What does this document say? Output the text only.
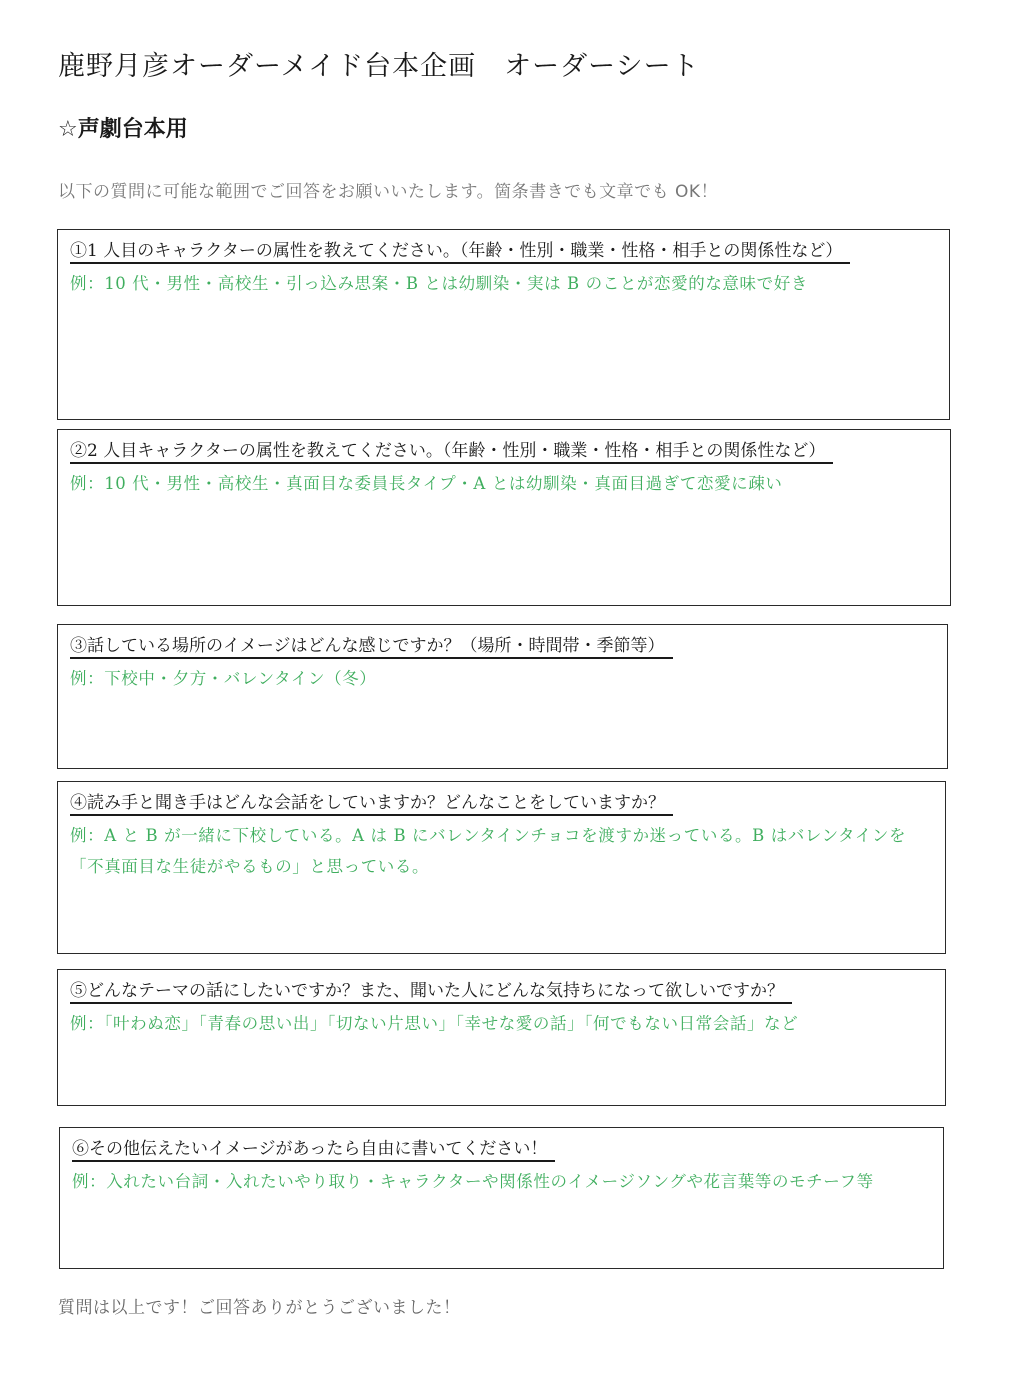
鹿野月彦オーダーメイド台本企画　オーダーシート
☆声劇台本用
以下の質問に可能な範囲でご回答をお願いいたします。箇条書きでも文章でも OK！
①1 人目のキャラクターの属性を教えてください。（年齢・性別・職業・性格・相手との関係性など）
例：10 代・男性・高校生・引っ込み思案・B とは幼馴染・実は B のことが恋愛的な意味で好き
②2 人目キャラクターの属性を教えてください。（年齢・性別・職業・性格・相手との関係性など）
例：10 代・男性・高校生・真面目な委員長タイプ・A とは幼馴染・真面目過ぎて恋愛に疎い
③話している場所のイメージはどんな感じですか？（場所・時間帯・季節等）
例：下校中・夕方・バレンタイン（冬）
④読み手と聞き手はどんな会話をしていますか？どんなことをしていますか？
例：A と B が一緒に下校している。A は B にバレンタインチョコを渡すか迷っている。B はバレンタインを「不真面目な生徒がやるもの」と思っている。
⑤どんなテーマの話にしたいですか？また、聞いた人にどんな気持ちになって欲しいですか？
例：「叶わぬ恋」「青春の思い出」「切ない片思い」「幸せな愛の話」「何でもない日常会話」など
⑥その他伝えたいイメージがあったら自由に書いてください！
例：入れたい台詞・入れたいやり取り・キャラクターや関係性のイメージソングや花言葉等のモチーフ等
質問は以上です！ご回答ありがとうございました！
